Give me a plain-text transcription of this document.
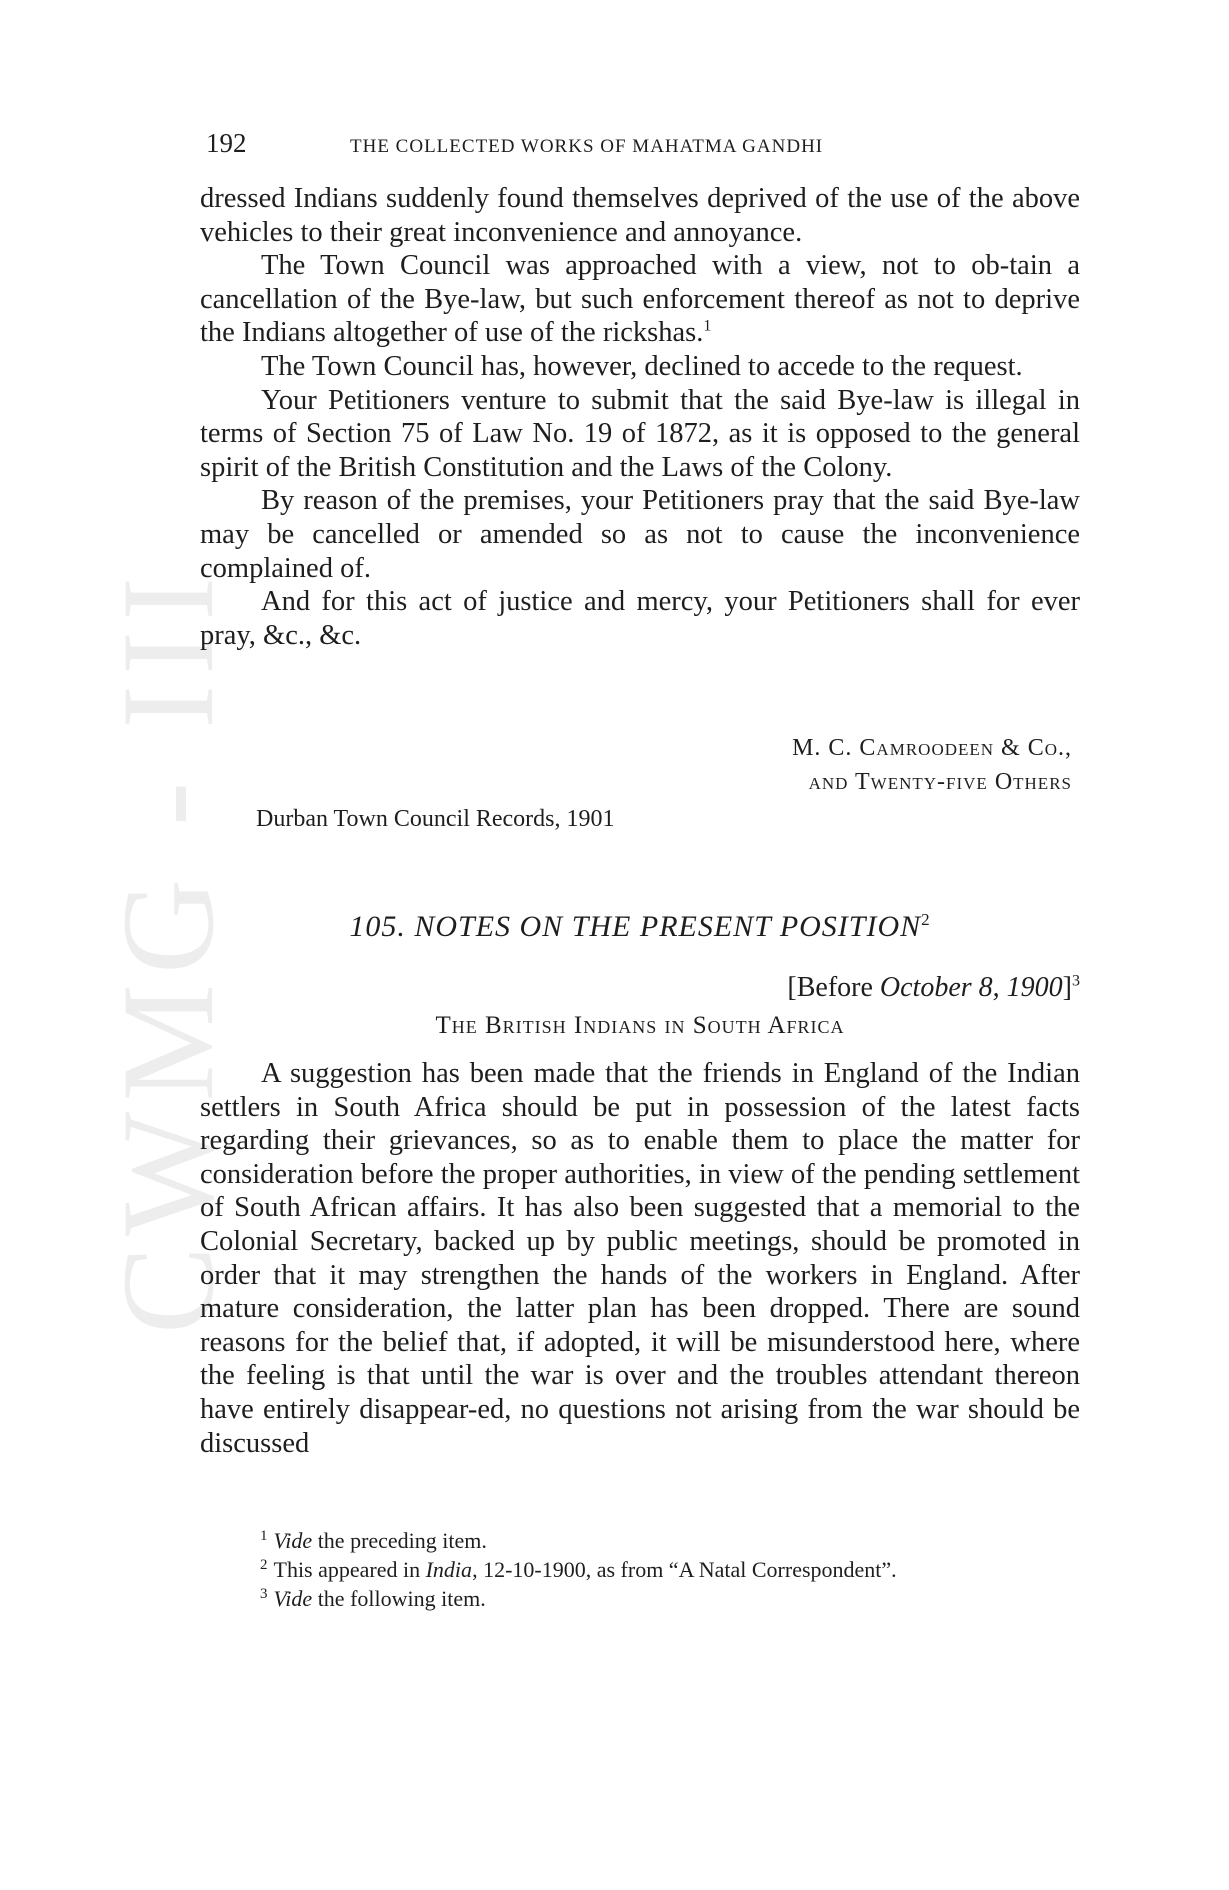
CWMG - III
192	THE COLLECTED WORKS OF MAHATMA GANDHI

dressed Indians suddenly found themselves deprived of the use of the above vehicles to their great inconvenience and annoyance.

The Town Council was approached with a view, not to ob-tain a cancellation of the Bye-law, but such enforcement thereof as not to deprive the Indians altogether of use of the rickshas.$^1$

The Town Council has, however, declined to accede to the request.

Your Petitioners venture to submit that the said Bye-law is illegal in terms of Section 75 of Law No. 19 of 1872, as it is opposed to the general spirit of the British Constitution and the Laws of the Colony.

By reason of the premises, your Petitioners pray that the said Bye-law may be cancelled or amended so as not to cause the inconvenience complained of.

And for this act of justice and mercy, your Petitioners shall for ever pray, &c., &c.

M. C. Camroodeen & Co.,
and Twenty-five Others
Durban Town Council Records, 1901
105. NOTES ON THE PRESENT POSITION$^2$
[Before October 8, 1900]$^3$
The British Indians in South Africa

A suggestion has been made that the friends in England of the Indian settlers in South Africa should be put in possession of the latest facts regarding their grievances, so as to enable them to place the matter for consideration before the proper authorities, in view of the pending settlement of South African affairs. It has also been suggested that a memorial to the Colonial Secretary, backed up by public meetings, should be promoted in order that it may strengthen the hands of the workers in England. After mature consideration, the latter plan has been dropped. There are sound reasons for the belief that, if adopted, it will be misunderstood here, where the feeling is that until the war is over and the troubles attendant thereon have entirely disappear-ed, no questions not arising from the war should be discussed

$^1$ Vide the preceding item.
$^2$ This appeared in India, 12-10-1900, as from “A Natal Correspondent”.
$^3$ Vide the following item.
